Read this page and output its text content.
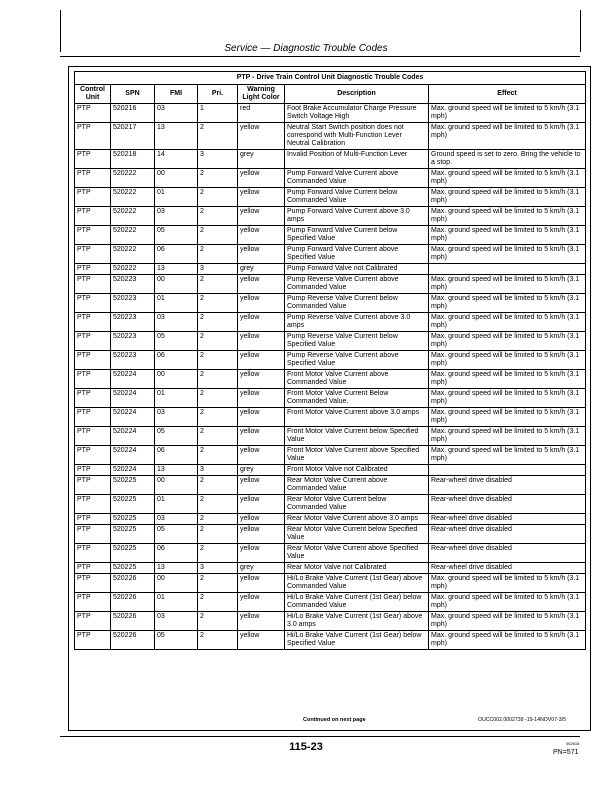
Service — Diagnostic Trouble Codes
PTP - Drive Train Control Unit Diagnostic Trouble Codes						
Control Unit	SPN	FMI	Pri.	Warning Light Color	Description	Effect
PTP	520216	03	1	red	Foot Brake Accumulator Charge Pressure Switch Voltage High	Max. ground speed will be limited to 5 km/h (3.1 mph)
PTP	520217	13	2	yellow	Neutral Start Switch position does not correspond with Multi-Function Lever Neutral Calibration	Max. ground speed will be limited to 5 km/h (3.1 mph)
PTP	520218	14	3	grey	Invalid Position of Multi-Function Lever	Ground speed is set to zero. Bring the vehicle to a stop.
PTP	520222	00	2	yellow	Pump Forward Valve Current above Commanded Value	Max. ground speed will be limited to 5 km/h (3.1 mph)
PTP	520222	01	2	yellow	Pump Forward Valve Current below Commanded Value	Max. ground speed will be limited to 5 km/h (3.1 mph)
PTP	520222	03	2	yellow	Pump Forward Valve Current above 3.0 amps	Max. ground speed will be limited to 5 km/h (3.1 mph)
PTP	520222	05	2	yellow	Pump Forward Valve Current below Specified Value	Max. ground speed will be limited to 5 km/h (3.1 mph)
PTP	520222	06	2	yellow	Pump Forward Valve Current above Specified Value	Max. ground speed will be limited to 5 km/h (3.1 mph)
PTP	520222	13	3	grey	Pump Forward Valve not Calibrated	
PTP	520223	00	2	yellow	Pump Reverse Valve Current above Commanded Value	Max. ground speed will be limited to 5 km/h (3.1 mph)
PTP	520223	01	2	yellow	Pump Reverse Valve Current below Commanded Value	Max. ground speed will be limited to 5 km/h (3.1 mph)
PTP	520223	03	2	yellow	Pump Reverse Valve Current above 3.0 amps	Max. ground speed will be limited to 5 km/h (3.1 mph)
PTP	520223	05	2	yellow	Pump Reverse Valve Current below Specified Value	Max. ground speed will be limited to 5 km/h (3.1 mph)
PTP	520223	06	2	yellow	Pump Reverse Valve Current above Specified Value	Max. ground speed will be limited to 5 km/h (3.1 mph)
PTP	520224	00	2	yellow	Front Motor Valve Current above Commanded Value	Max. ground speed will be limited to 5 km/h (3.1 mph)
PTP	520224	01	2	yellow	Front Motor Valve Current Below Commanded Value.	Max. ground speed will be limited to 5 km/h (3.1 mph)
PTP	520224	03	2	yellow	Front Motor Valve Current above 3.0 amps	Max. ground speed will be limited to 5 km/h (3.1 mph)
PTP	520224	05	2	yellow	Front Motor Valve Current below Specified Value	Max. ground speed will be limited to 5 km/h (3.1 mph)
PTP	520224	06	2	yellow	Front Motor Valve Current above Specified Value	Max. ground speed will be limited to 5 km/h (3.1 mph)
PTP	520224	13	3	grey	Front Motor Valve not Calibrated	
PTP	520225	00	2	yellow	Rear Motor Valve Current above Commanded Value	Rear-wheel drive disabled
PTP	520225	01	2	yellow	Rear Motor Valve Current below Commanded Value	Rear-wheel drive disabled
PTP	520225	03	2	yellow	Rear Motor Valve Current above 3.0 amps	Rear-wheel drive disabled
PTP	520225	05	2	yellow	Rear Motor Valve Current below Specified Value	Rear-wheel drive disabled
PTP	520225	06	2	yellow	Rear Motor Valve Current above Specified Value	Rear-wheel drive disabled
PTP	520225	13	3	grey	Rear Motor Valve not Calibrated	Rear-wheel drive disabled
PTP	520226	00	2	yellow	Hi/Lo Brake Valve Current (1st Gear) above Commanded Value	Max. ground speed will be limited to 5 km/h (3.1 mph)
PTP	520226	01	2	yellow	Hi/Lo Brake Valve Current (1st Gear) below Commanded Value	Max. ground speed will be limited to 5 km/h (3.1 mph)
PTP	520226	03	2	yellow	Hi/Lo Brake Valve Current (1st Gear) above 3.0 amps	Max. ground speed will be limited to 5 km/h (3.1 mph)
PTP	520226	05	2	yellow	Hi/Lo Brake Valve Current (1st Gear) below Specified Value	Max. ground speed will be limited to 5 km/h (3.1 mph)
Continued on next page	OUCC002,0002739 -19-14NOV07-3/5
115-23	062818
PN=571
